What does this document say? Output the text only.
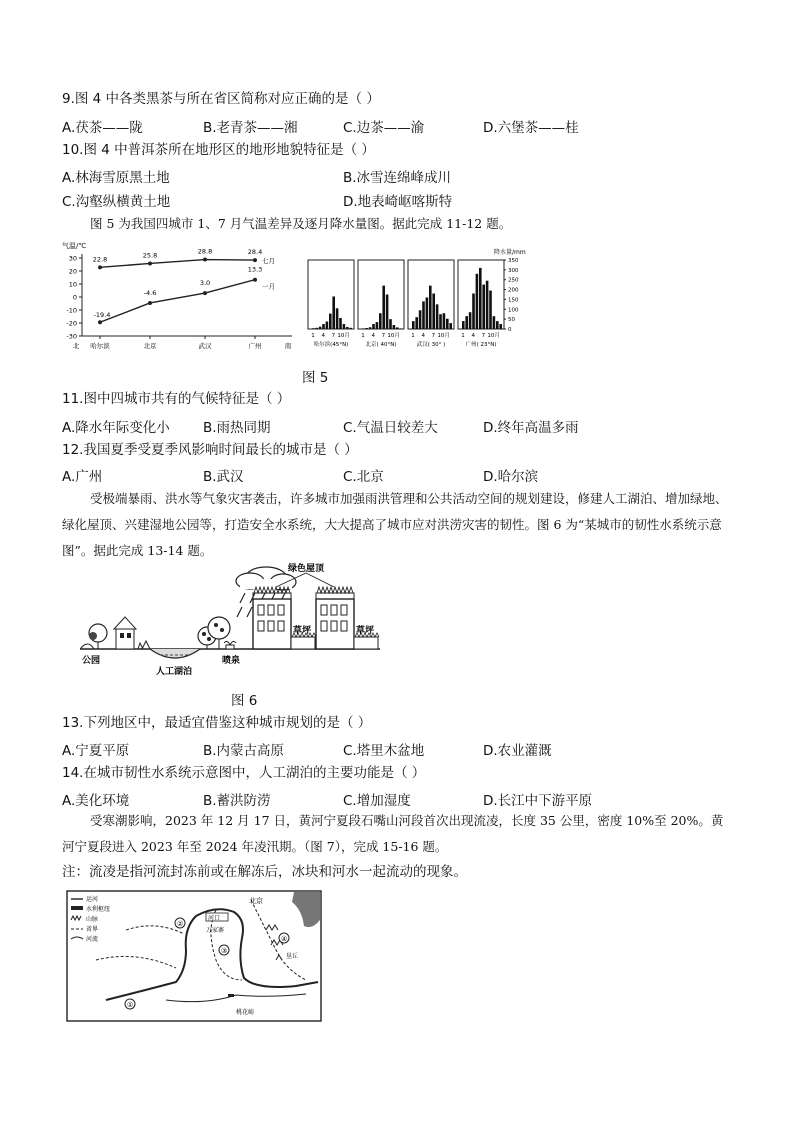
9.图 4 中各类黑茶与所在省区简称对应正确的是（ ）
A.茯茶——陇	B.老青茶——湘	C.边茶——渝	D.六堡茶——桂
10.图 4 中普洱茶所在地形区的地形地貌特征是（ ）
A.林海雪原黑土地	B.冰雪连绵峰成川
C.沟壑纵横黄土地	D.地表崎岖喀斯特
图 5 为我国四城市 1、7 月气温差异及逐月降水量图。据此完成 11-12 题。
气温/℃
30
20
10
0
-10
-20
-30
哈尔滨	北京	武汉	广州
北	南
22.8	25.8	28.8	28.4
-19.4
-4.6
3.0
13.3
七月
一月
1 4 7 10月
哈尔滨(45°N)
1 4 7 10月
北京( 40°N)
1 4 7 10月
武汉( 30° )
1 4 7 10月
广州( 23°N)
350
300
250
200
150
100
50
0
降水量/mm
图 5
11.图中四城市共有的气候特征是（ ）
A.降水年际变化小 B.雨热同期	C.气温日较差大	D.终年高温多雨
12.我国夏季受夏季风影响时间最长的城市是（ ）
A.广州	B.武汉	C.北京	D.哈尔滨
受极端暴雨、洪水等气象灾害袭击，许多城市加强雨洪管理和公共活动空间的规划建设，修建人工湖泊、增加绿地、绿化屋顶、兴建湿地公园等，打造安全水系统，大大提高了城市应对洪涝灾害的韧性。图 6 为“某城市的韧性水系统示意图”。据此完成 13-14 题。
绿色屋顶
草坪	草坪
公园
人工湖泊
喷泉
图 6
13.下列地区中，最适宜借鉴这种城市规划的是（ ）
A.宁夏平原	B.内蒙古高原	C.塔里木盆地	D.农业灌溉
14.在城市韧性水系统示意图中，人工湖泊的主要功能是（ ）
A.美化环境	B.蓄洪防涝	C.增加湿度	D.长江中下游平原
受寒潮影响，2023 年 12 月 17 日，黄河宁夏段石嘴山河段首次出现流凌，长度 35 公里，密度 10%至 20%。黄河宁夏段进入 2023 年至 2024 年凌汛期。（图 7），完成 15-16 题。
注：流凌是指河流封冻前或在解冻后，冰块和河水一起流动的现象。
运河
水利枢纽
山脉
省界
河流
②
③
①
④
河口
万家寨
北京
垦丘
桃花峪
